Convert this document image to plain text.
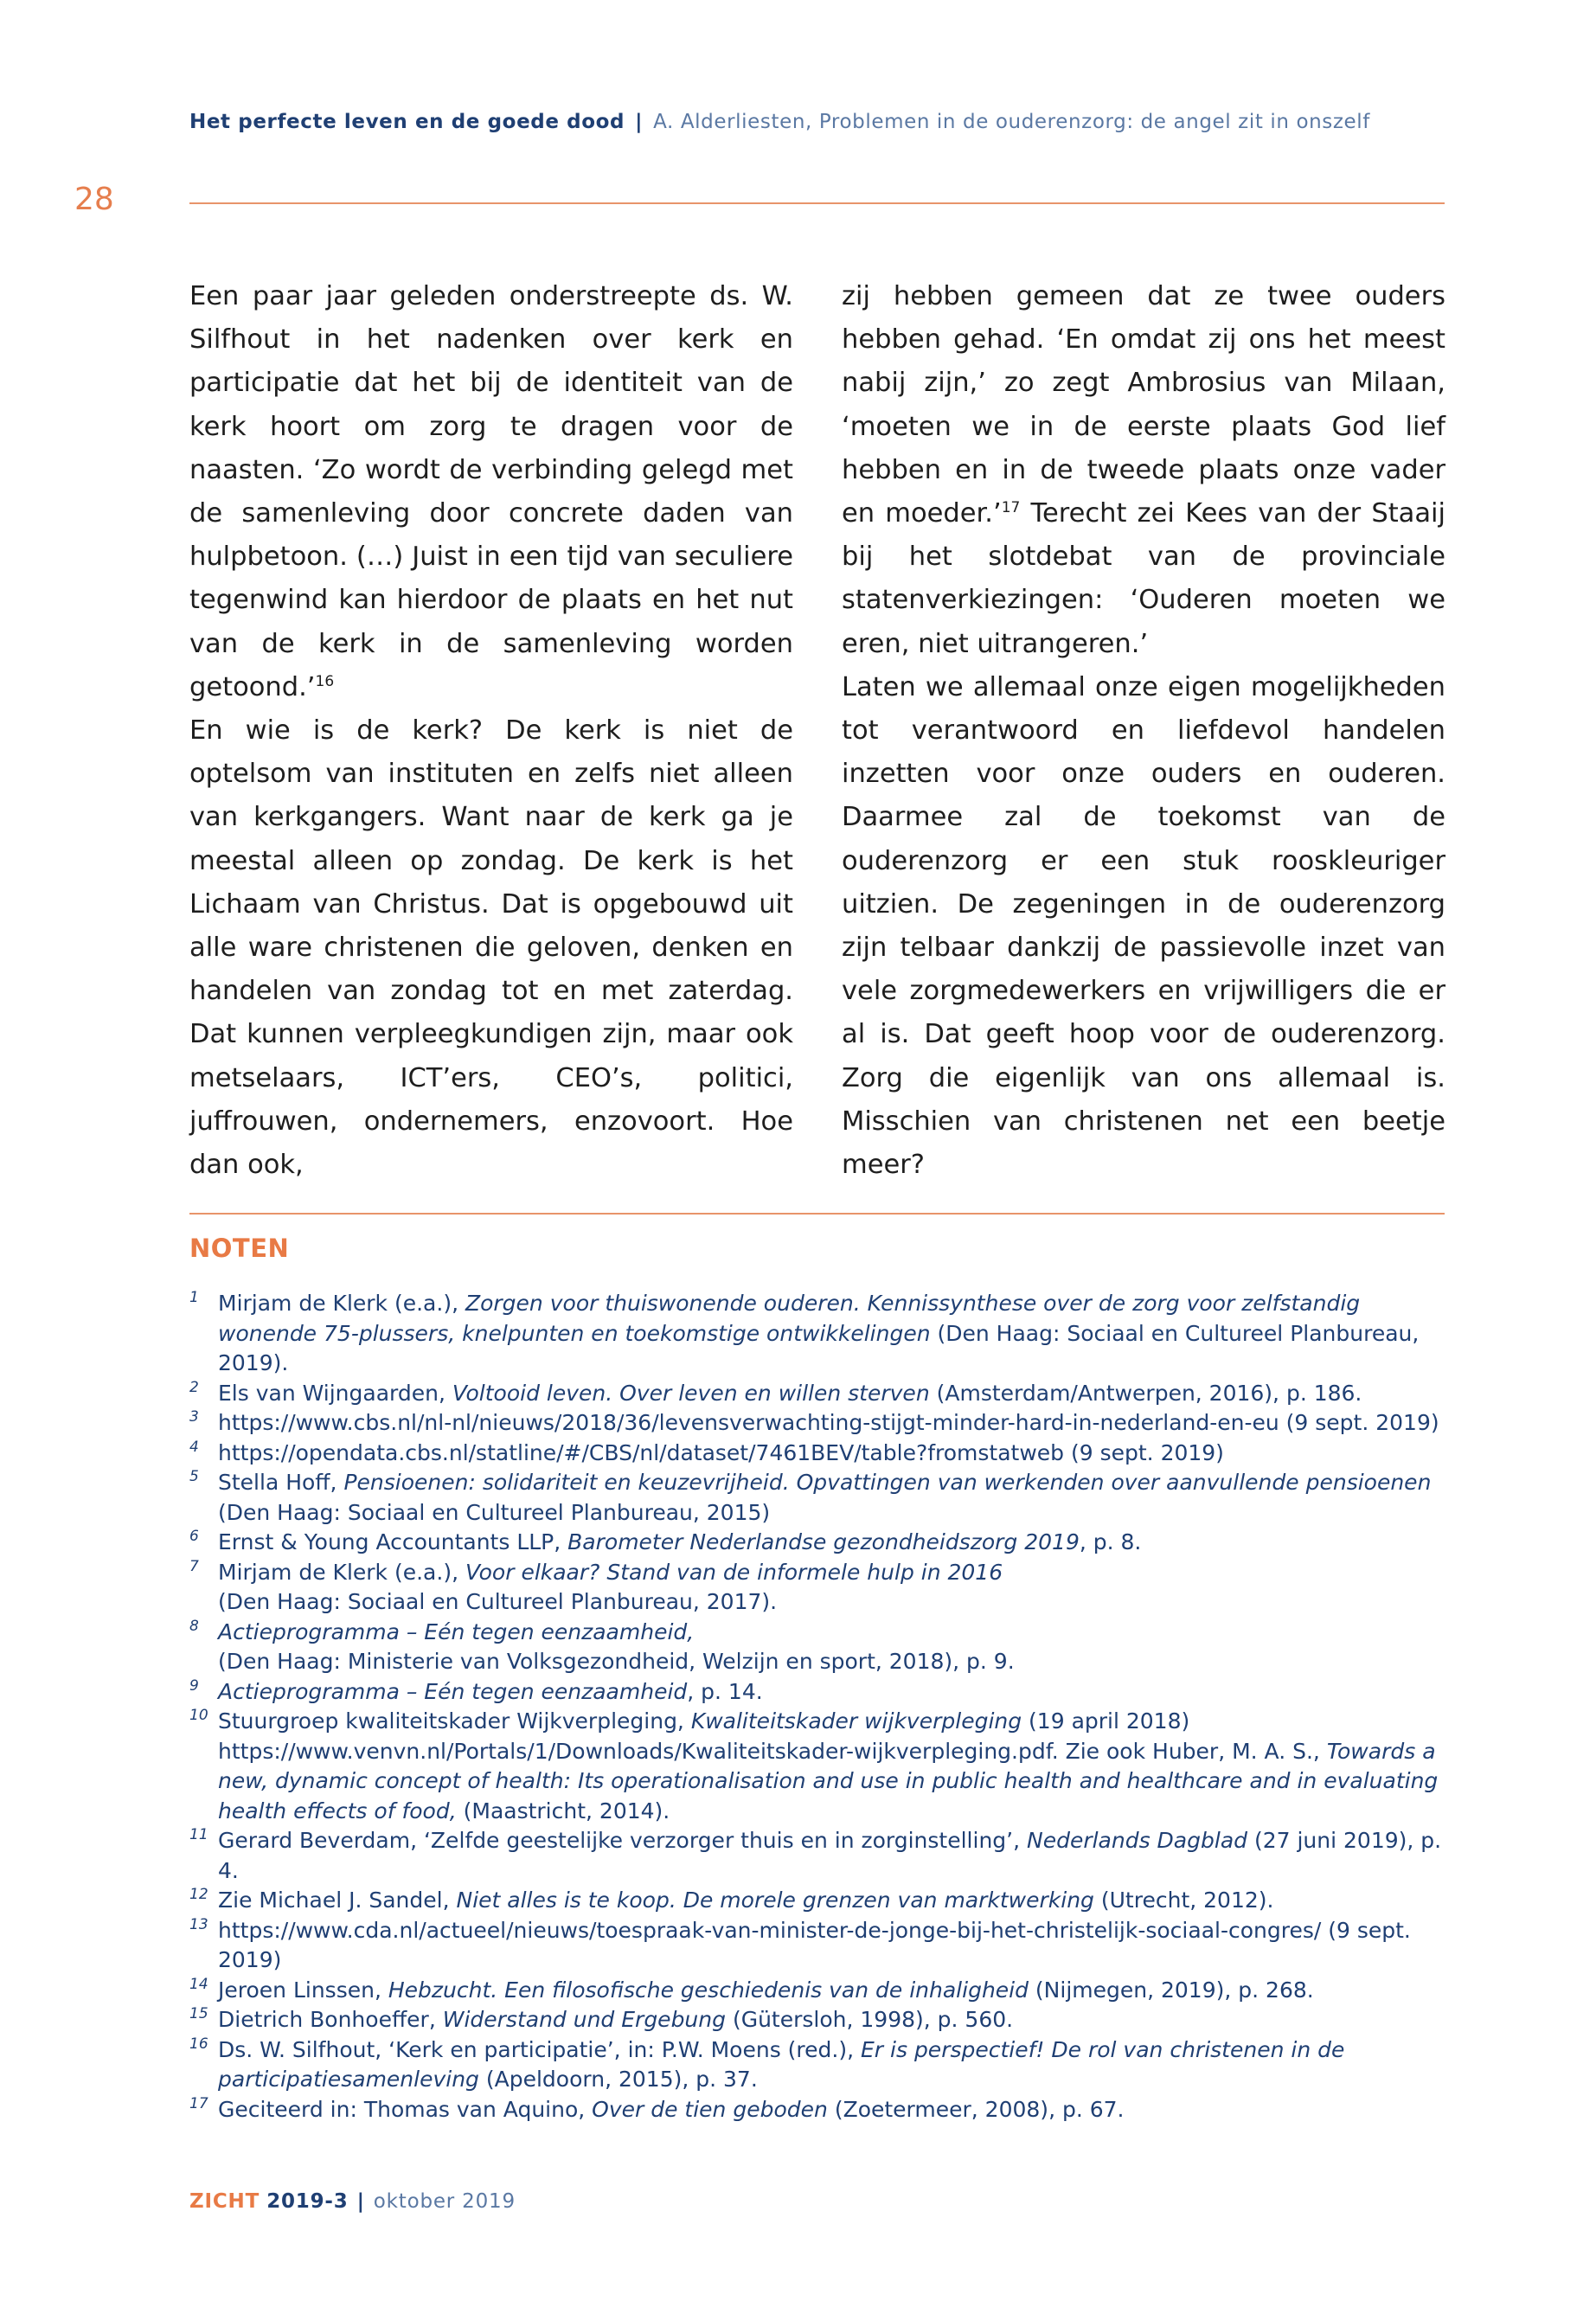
Het perfecte leven en de goede dood | A. Alderliesten, Problemen in de ouderenzorg: de angel zit in onszelf
28

Een paar jaar geleden onderstreepte ds. W. Silfhout in het nadenken over kerk en participatie dat het bij de identiteit van de kerk hoort om zorg te dragen voor de naasten. ‘Zo wordt de verbinding gelegd met de samenleving door concrete daden van hulpbetoon. (…) Juist in een tijd van seculiere tegenwind kan hierdoor de plaats en het nut van de kerk in de samenleving worden getoond.’$^{16}$

En wie is de kerk? De kerk is niet de optelsom van instituten en zelfs niet alleen van kerkgangers. Want naar de kerk ga je meestal alleen op zondag. De kerk is het Lichaam van Christus. Dat is opgebouwd uit alle ware christenen die geloven, denken en handelen van zondag tot en met zaterdag. Dat kunnen verpleegkundigen zijn, maar ook metselaars, ICT’ers, CEO’s, politici, juffrouwen, ondernemers, enzovoort. Hoe dan ook,

zij hebben gemeen dat ze twee ouders hebben gehad. ‘En omdat zij ons het meest nabij zijn,’ zo zegt Ambrosius van Milaan, ‘moeten we in de eerste plaats God lief hebben en in de tweede plaats onze vader en moeder.’$^{17}$ Terecht zei Kees van der Staaij bij het slotdebat van de provinciale statenverkiezingen: ‘Ouderen moeten we eren, niet uitrangeren.’

Laten we allemaal onze eigen mogelijkheden tot verantwoord en liefdevol handelen inzetten voor onze ouders en ouderen. Daarmee zal de toekomst van de ouderenzorg er een stuk rooskleuriger uitzien. De zegeningen in de ouderenzorg zijn telbaar dankzij de passievolle inzet van vele zorgmedewerkers en vrijwilligers die er al is. Dat geeft hoop voor de ouderenzorg. Zorg die eigenlijk van ons allemaal is. Misschien van christenen net een beetje meer?

NOTEN
1 Mirjam de Klerk (e.a.), Zorgen voor thuiswonende ouderen. Kennissynthese over de zorg voor zelfstandig wonende 75-plussers, knelpunten en toekomstige ontwikkelingen (Den Haag: Sociaal en Cultureel Planbureau, 2019).
2 Els van Wijngaarden, Voltooid leven. Over leven en willen sterven (Amsterdam/Antwerpen, 2016), p. 186.
3 https://www.cbs.nl/nl-nl/nieuws/2018/36/levensverwachting-stijgt-minder-hard-in-nederland-en-eu (9 sept. 2019)
4 https://opendata.cbs.nl/statline/#/CBS/nl/dataset/7461BEV/table?fromstatweb (9 sept. 2019)
5 Stella Hoff, Pensioenen: solidariteit en keuzevrijheid. Opvattingen van werkenden over aanvullende pensioenen
(Den Haag: Sociaal en Cultureel Planbureau, 2015)
6 Ernst & Young Accountants LLP, Barometer Nederlandse gezondheidszorg 2019, p. 8.
7 Mirjam de Klerk (e.a.), Voor elkaar? Stand van de informele hulp in 2016
(Den Haag: Sociaal en Cultureel Planbureau, 2017).
8 Actieprogramma – Eén tegen eenzaamheid,
(Den Haag: Ministerie van Volksgezondheid, Welzijn en sport, 2018), p. 9.
9 Actieprogramma – Eén tegen eenzaamheid, p. 14.
10 Stuurgroep kwaliteitskader Wijkverpleging, Kwaliteitskader wijkverpleging (19 april 2018)
https://www.venvn.nl/Portals/1/Downloads/Kwaliteitskader-wijkverpleging.pdf. Zie ook Huber, M. A. S., Towards a new, dynamic concept of health: Its operationalisation and use in public health and healthcare and in evaluating health effects of food, (Maastricht, 2014).
11 Gerard Beverdam, ‘Zelfde geestelijke verzorger thuis en in zorginstelling’, Nederlands Dagblad (27 juni 2019), p. 4.
12 Zie Michael J. Sandel, Niet alles is te koop. De morele grenzen van marktwerking (Utrecht, 2012).
13 https://www.cda.nl/actueel/nieuws/toespraak-van-minister-de-jonge-bij-het-christelijk-sociaal-congres/ (9 sept. 2019)
14 Jeroen Linssen, Hebzucht. Een filosofische geschiedenis van de inhaligheid (Nijmegen, 2019), p. 268.
15 Dietrich Bonhoeffer, Widerstand und Ergebung (Gütersloh, 1998), p. 560.
16 Ds. W. Silfhout, ‘Kerk en participatie’, in: P.W. Moens (red.), Er is perspectief! De rol van christenen in de participatiesamenleving (Apeldoorn, 2015), p. 37.
17 Geciteerd in: Thomas van Aquino, Over de tien geboden (Zoetermeer, 2008), p. 67.
ZICHT 2019-3 | oktober 2019
